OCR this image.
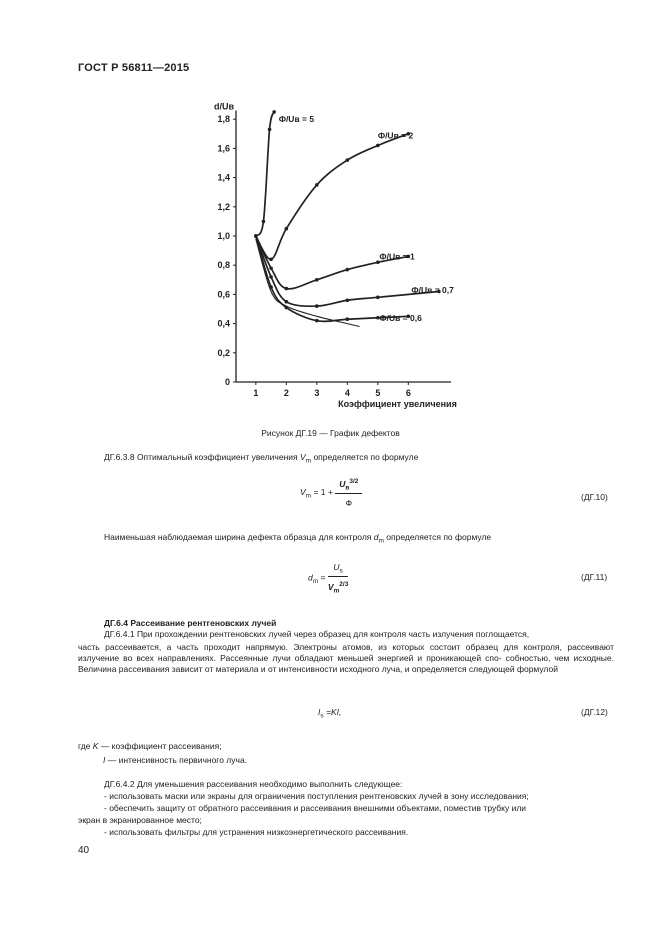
ГОСТ Р 56811—2015
0
0,2
0,4
0,6
0,8
1,0
1,2
1,4
1,6
1,8
1	2	3	4	5	6
d/Uв
Коэффициент увеличения
Ф/Uв = 5
Ф/Uв = 2
Ф/Uв = 1
Ф/Uв = 0,7
Ф/Uв = 0,6
Рисунок ДГ.19 — График дефектов
ДГ.6.3.8 Оптимальный коэффициент увеличения $V_m$ определяется по формуле
$V_m = 1 + \frac{U_в^{3/2}}{Ф}$	(ДГ.10)
Наименьшая наблюдаемая ширина дефекта образца для контроля $d_m$ определяется по формуле
$d_m = \frac{U_s}{V_m^{2/3}}$	(ДГ.11)
ДГ.6.4 Рассеивание рентгеновских лучей
ДГ.6.4.1 При прохождении рентгеновских лучей через образец для контроля часть излучения поглощается,
часть рассеивается, а часть проходит напрямую. Электроны атомов, из которых состоит образец для контроля, рассеивают излучение во всех направлениях. Рассеянные лучи обладают меньшей энергией и проникающей спо- собностью, чем исходные. Величина рассеивания зависит от материала и от интенсивности исходного луча, и определяется следующей формулой
$I_s =KI$,	(ДГ.12)
где K — коэффициент рассеивания;
I — интенсивность первичного луча.
ДГ.6.4.2 Для уменьшения рассеивания необходимо выполнить следующее:
- использовать маски или экраны для ограничения поступления рентгеновских лучей в зону исследования;
- обеспечить защиту от обратного рассеивания и рассеивания внешними объектами, поместив трубку или
экран в экранированное место;
- использовать фильтры для устранения низкоэнергетического рассеивания.
40
